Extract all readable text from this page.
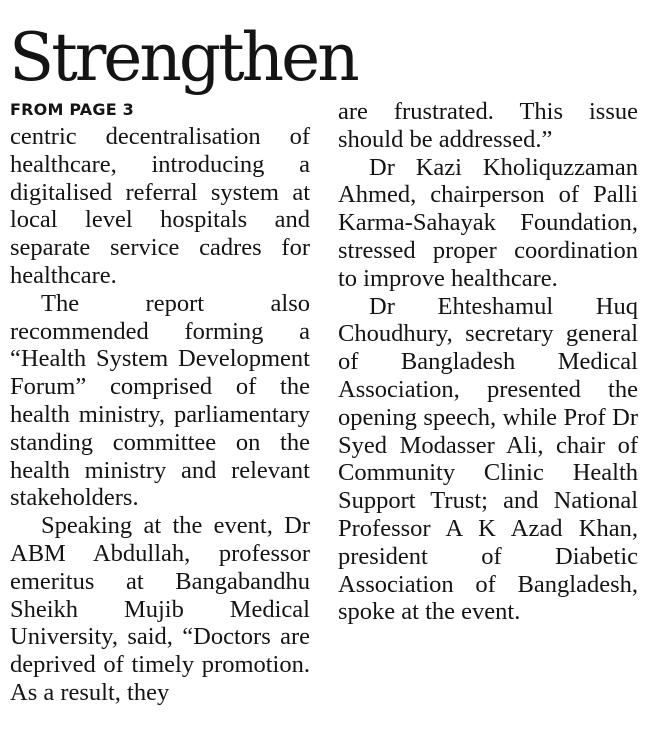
Strengthen
FROM PAGE 3

centric decentralisation of healthcare, introducing a digitalised referral system at local level hospitals and separate service cadres for healthcare.

The report also recommended forming a “Health System Development Forum” comprised of the health ministry, parliamentary standing committee on the health ministry and relevant stakeholders.

Speaking at the event, Dr ABM Abdullah, professor emeritus at Bangabandhu Sheikh Mujib Medical University, said, “Doctors are deprived of timely promotion. As a result, they

are frustrated. This issue should be addressed.”

Dr Kazi Kholiquzzaman Ahmed, chairperson of Palli Karma-Sahayak Foundation, stressed proper coordination to improve healthcare.

Dr Ehteshamul Huq Choudhury, secretary general of Bangladesh Medical Association, presented the opening speech, while Prof Dr Syed Modasser Ali, chair of Community Clinic Health Support Trust; and National Professor A K Azad Khan, president of Diabetic Association of Bangladesh, spoke at the event.
